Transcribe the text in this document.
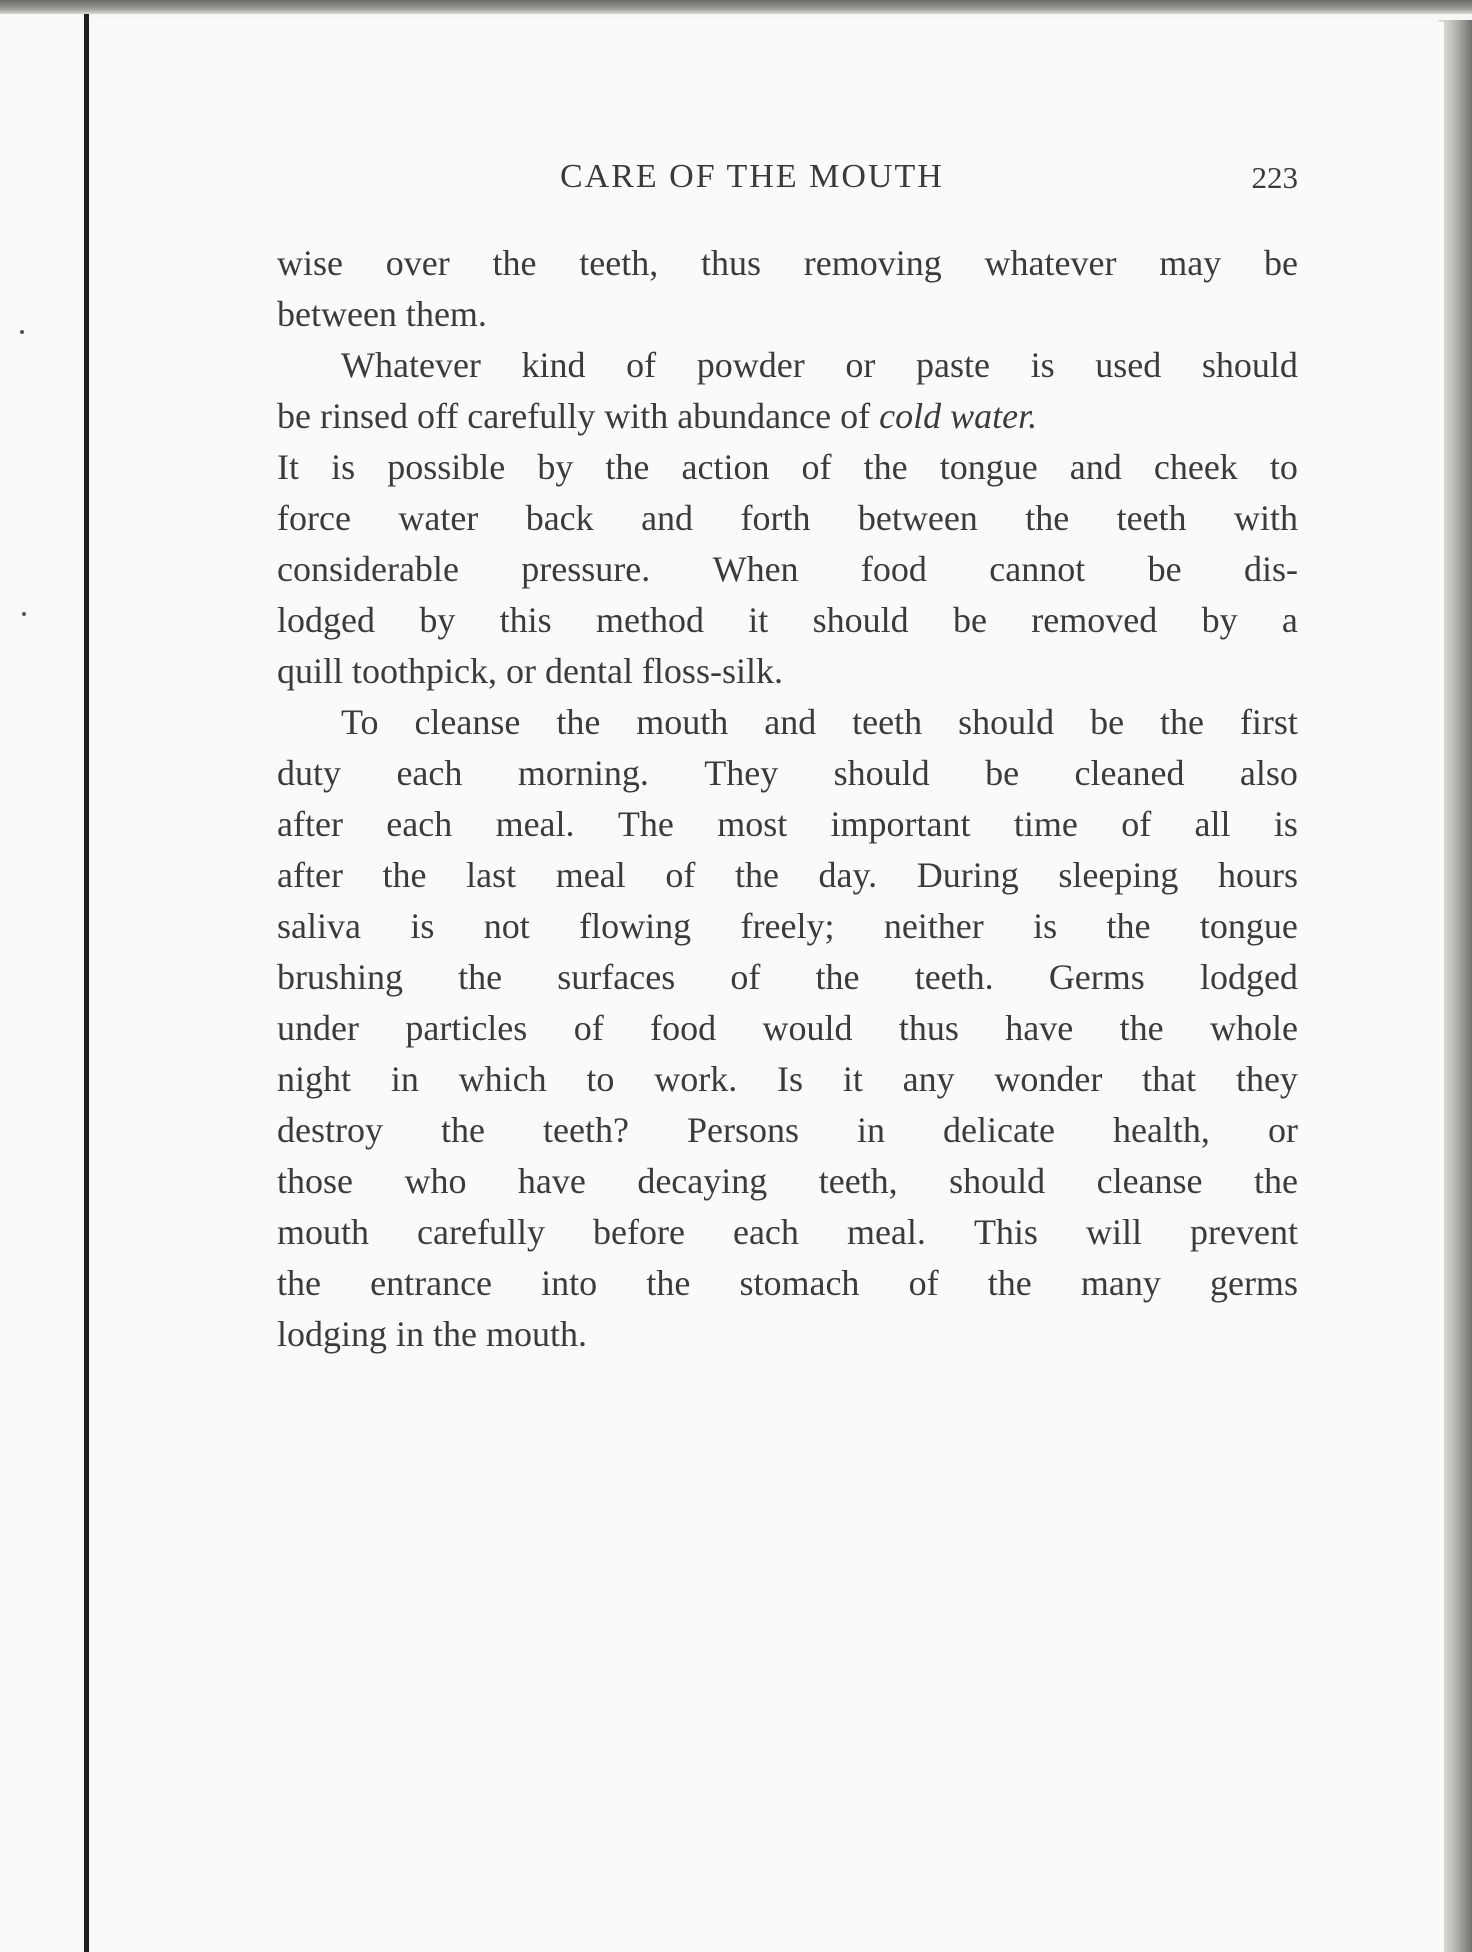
CARE OF THE MOUTH	223
wise over the teeth, thus removing whatever may be
between them.
Whatever kind of powder or paste is used should
be rinsed off carefully with abundance of cold water.
It is possible by the action of the tongue and cheek to
force water back and forth between the teeth with
considerable pressure. When food cannot be dis-
lodged by this method it should be removed by a
quill toothpick, or dental floss-silk.
To cleanse the mouth and teeth should be the first
duty each morning. They should be cleaned also
after each meal. The most important time of all is
after the last meal of the day. During sleeping hours
saliva is not flowing freely; neither is the tongue
brushing the surfaces of the teeth. Germs lodged
under particles of food would thus have the whole
night in which to work. Is it any wonder that they
destroy the teeth? Persons in delicate health, or
those who have decaying teeth, should cleanse the
mouth carefully before each meal. This will prevent
the entrance into the stomach of the many germs
lodging in the mouth.
